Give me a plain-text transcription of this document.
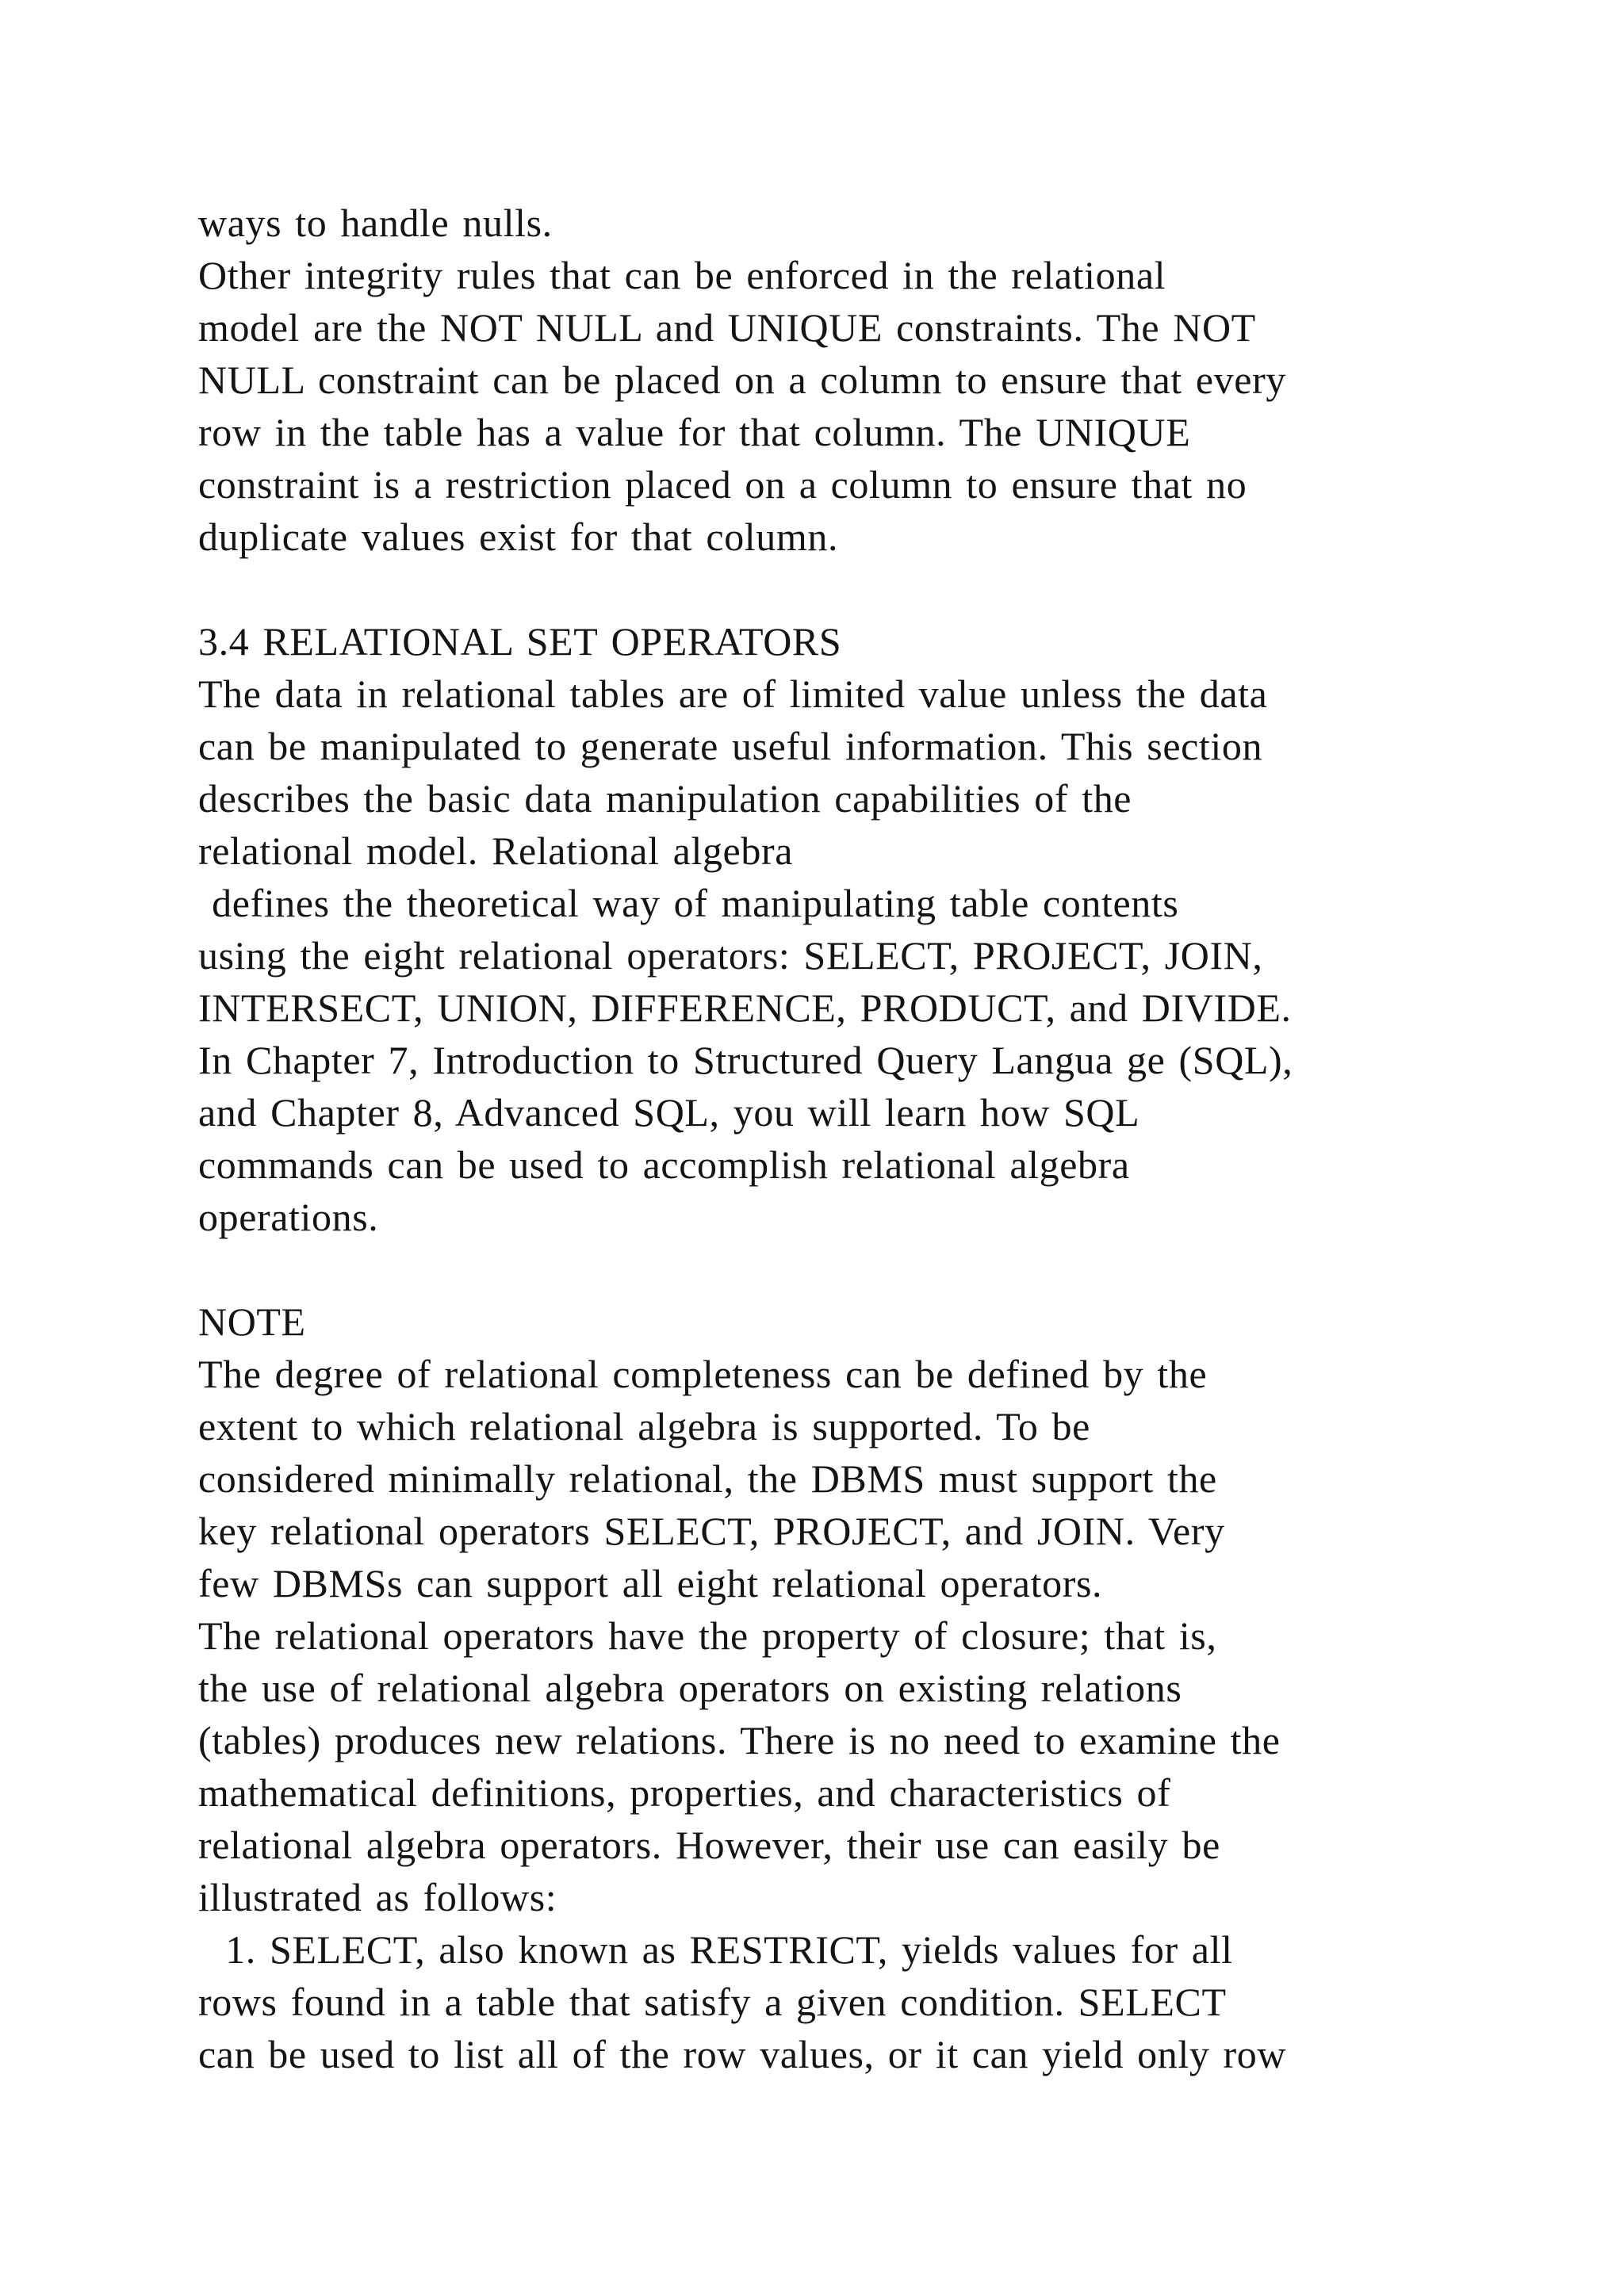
ways to handle nulls.
Other integrity rules that can be enforced in the relational
model are the NOT NULL and UNIQUE constraints. The NOT
NULL constraint can be placed on a column to ensure that every
row in the table has a value for that column. The UNIQUE
constraint is a restriction placed on a column to ensure that no
duplicate values exist for that column.
3.4 RELATIONAL SET OPERATORS
The data in relational tables are of limited value unless the data
can be manipulated to generate useful information. This section
describes the basic data manipulation capabilities of the
relational model. Relational algebra
defines the theoretical way of manipulating table contents
using the eight relational operators: SELECT, PROJECT, JOIN,
INTERSECT, UNION, DIFFERENCE, PRODUCT, and DIVIDE.
In Chapter 7, Introduction to Structured Query Langua ge (SQL),
and Chapter 8, Advanced SQL, you will learn how SQL
commands can be used to accomplish relational algebra
operations.
NOTE
The degree of relational completeness can be defined by the
extent to which relational algebra is supported. To be
considered minimally relational, the DBMS must support the
key relational operators SELECT, PROJECT, and JOIN. Very
few DBMSs can support all eight relational operators.
The relational operators have the property of closure; that is,
the use of relational algebra operators on existing relations
(tables) produces new relations. There is no need to examine the
mathematical definitions, properties, and characteristics of
relational algebra operators. However, their use can easily be
illustrated as follows:
1. SELECT, also known as RESTRICT, yields values for all
rows found in a table that satisfy a given condition. SELECT
can be used to list all of the row values, or it can yield only row
